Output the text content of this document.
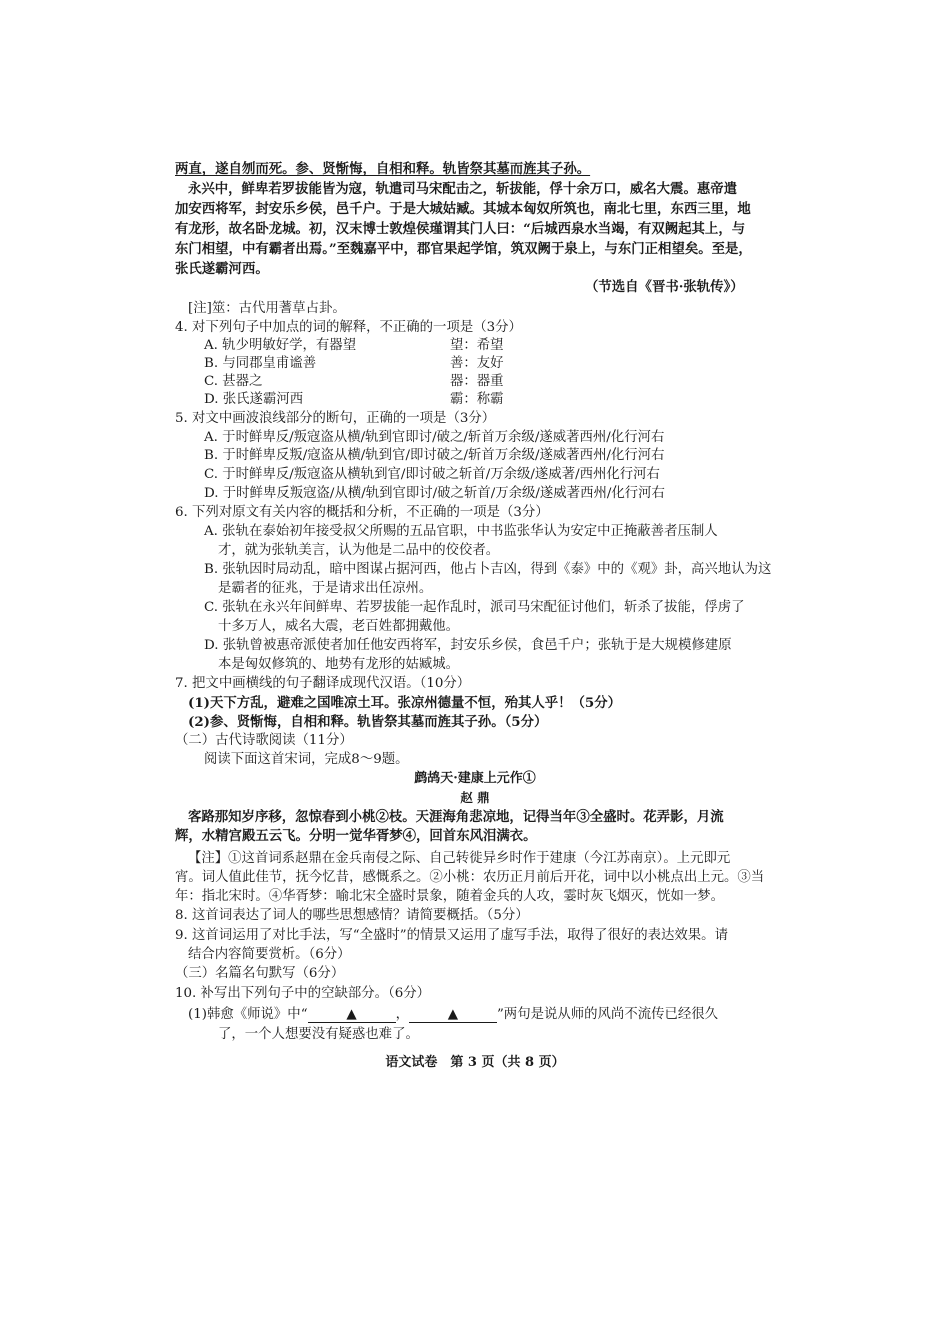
两直，遂自刎而死。参、贤惭悔，自相和释。轨皆祭其墓而旌其子孙。
永兴中，鲜卑若罗拔能皆为寇，轨遣司马宋配击之，斩拔能，俘十余万口，威名大震。惠帝遣
加安西将军，封安乐乡侯，邑千户。于是大城姑臧。其城本匈奴所筑也，南北七里，东西三里，地
有龙形，故名卧龙城。初，汉末博士敦煌侯瑾谓其门人曰：“后城西泉水当竭，有双阙起其上，与
东门相望，中有霸者出焉。”至魏嘉平中，郡官果起学馆，筑双阙于泉上，与东门正相望矣。至是，
张氏遂霸河西。
（节选自《晋书·张轨传》）
[注]筮：古代用蓍草占卦。
4. 对下列句子中加点的词的解释，不正确的一项是（3分）
A. 轨少明敏好学，有器望	望：希望
B. 与同郡皇甫谧善	善：友好
C. 甚器之	器：器重
D. 张氏遂霸河西	霸：称霸
5. 对文中画波浪线部分的断句，正确的一项是（3分）
A. 于时鲜卑反/叛寇盗从横/轨到官即讨/破之/斩首万余级/遂威著西州/化行河右
B. 于时鲜卑反叛/寇盗从横/轨到官/即讨破之/斩首万余级/遂威著西州/化行河右
C. 于时鲜卑反/叛寇盗从横轨到官/即讨破之斩首/万余级/遂威著/西州化行河右
D. 于时鲜卑反叛寇盗/从横/轨到官即讨/破之斩首/万余级/遂威著西州/化行河右
6. 下列对原文有关内容的概括和分析，不正确的一项是（3分）
A. 张轨在泰始初年接受叔父所赐的五品官职，中书监张华认为安定中正掩蔽善者压制人
才，就为张轨美言，认为他是二品中的佼佼者。
B. 张轨因时局动乱，暗中图谋占据河西，他占卜吉凶，得到《泰》中的《观》卦，高兴地认为这
是霸者的征兆，于是请求出任凉州。
C. 张轨在永兴年间鲜卑、若罗拔能一起作乱时，派司马宋配征讨他们，斩杀了拔能，俘虏了
十多万人，威名大震，老百姓都拥戴他。
D. 张轨曾被惠帝派使者加任他安西将军，封安乐乡侯，食邑千户；张轨于是大规模修建原
本是匈奴修筑的、地势有龙形的姑臧城。
7. 把文中画横线的句子翻译成现代汉语。（10分）
(1)天下方乱，避难之国唯凉土耳。张凉州德量不恒，殆其人乎！（5分）
(2)参、贤惭悔，自相和释。轨皆祭其墓而旌其子孙。（5分）
（二）古代诗歌阅读（11分）
阅读下面这首宋词，完成8～9题。
鹧鸪天·建康上元作①
赵 鼎
客路那知岁序移，忽惊春到小桃②枝。天涯海角悲凉地，记得当年③全盛时。花弄影，月流
辉，水精宫殿五云飞。分明一觉华胥梦④，回首东风泪满衣。
【注】①这首词系赵鼎在金兵南侵之际、自己转徙异乡时作于建康（今江苏南京）。上元即元
宵。词人值此佳节，抚今忆昔，感慨系之。②小桃：农历正月前后开花，词中以小桃点出上元。③当
年：指北宋时。④华胥梦：喻北宋全盛时景象，随着金兵的人攻，霎时灰飞烟灭，恍如一梦。
8. 这首词表达了词人的哪些思想感情？请简要概括。（5分）
9. 这首词运用了对比手法，写“全盛时”的情景又运用了虚写手法，取得了很好的表达效果。请
结合内容简要赏析。（6分）
（三）名篇名句默写（6分）
10. 补写出下列句子中的空缺部分。（6分）
(1)韩愈《师说》中“	▲	，	▲	”两句是说从师的风尚不流传已经很久
了，一个人想要没有疑惑也难了。
语文试卷　第 3 页（共 8 页）
